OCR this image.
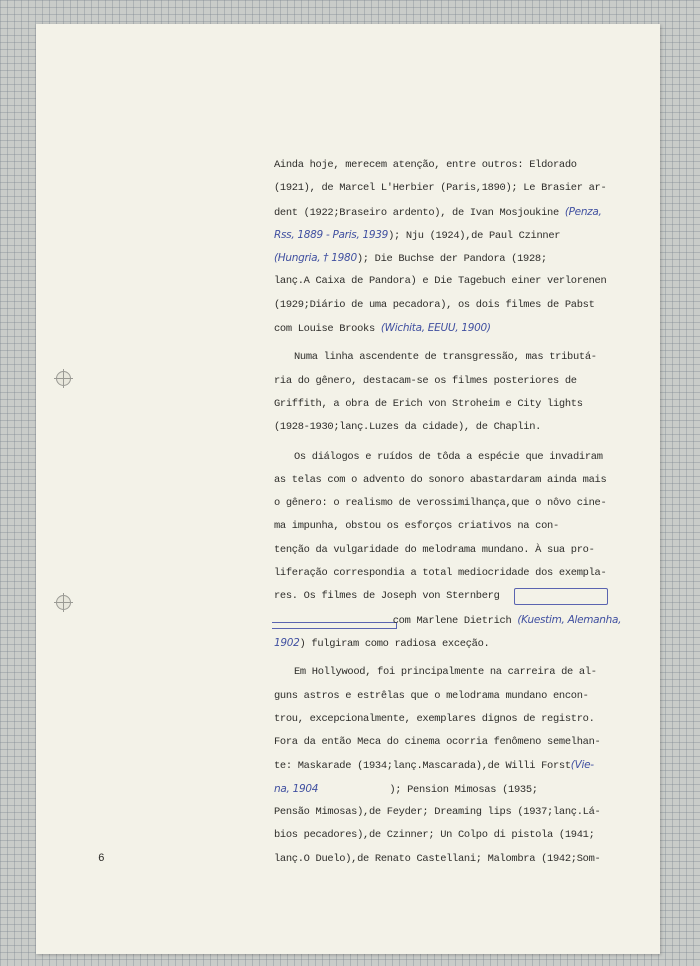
Ainda hoje, merecem atenção, entre outros: Eldorado
(1921), de Marcel L'Herbier (Paris,1890); Le Brasier ar-
dent (1922;Braseiro ardento), de Ivan Mosjoukine (Penza,
Rss, 1889 - Paris, 1939); Nju (1924),de Paul Czinner
(Hungria, † 1980); Die Buchse der Pandora (1928;
lanç.A Caixa de Pandora) e Die Tagebuch einer verlorenen
(1929;Diário de uma pecadora), os dois filmes de Pabst
com Louise Brooks (Wichita, EEUU, 1900)
Numa linha ascendente de transgressão, mas tributá-
ria do gênero, destacam-se os filmes posteriores de
Griffith, a obra de Erich von Stroheim e City lights
(1928-1930;lanç.Luzes da cidade), de Chaplin.
Os diálogos e ruídos de tôda a espécie que invadiram
as telas com o advento do sonoro abastardaram ainda mais
o gênero: o realismo de verossimilhança,que o nôvo cine-
ma impunha, obstou os esforços criativos na con-
tenção da vulgaridade do melodrama mundano. À sua pro-
liferação correspondia a total mediocridade dos exempla-
res. Os filmes de Joseph von Sternberg
com Marlene Dietrich (Kuestim, Alemanha,
1902) fulgiram como radiosa exceção.
Em Hollywood, foi principalmente na carreira de al-
guns astros e estrêlas que o melodrama mundano encon-
trou, excepcionalmente, exemplares dignos de registro.
Fora da então Meca do cinema ocorria fenômeno semelhan-
te: Maskarade (1934;lanç.Mascarada),de Willi Forst(Vie-
na, 1904            ); Pension Mimosas (1935;
Pensão Mimosas),de Feyder; Dreaming lips (1937;lanç.Lá-
bios pecadores),de Czinner; Un Colpo di pistola (1941;
lanç.O Duelo),de Renato Castellani; Malombra (1942;Som-
6
